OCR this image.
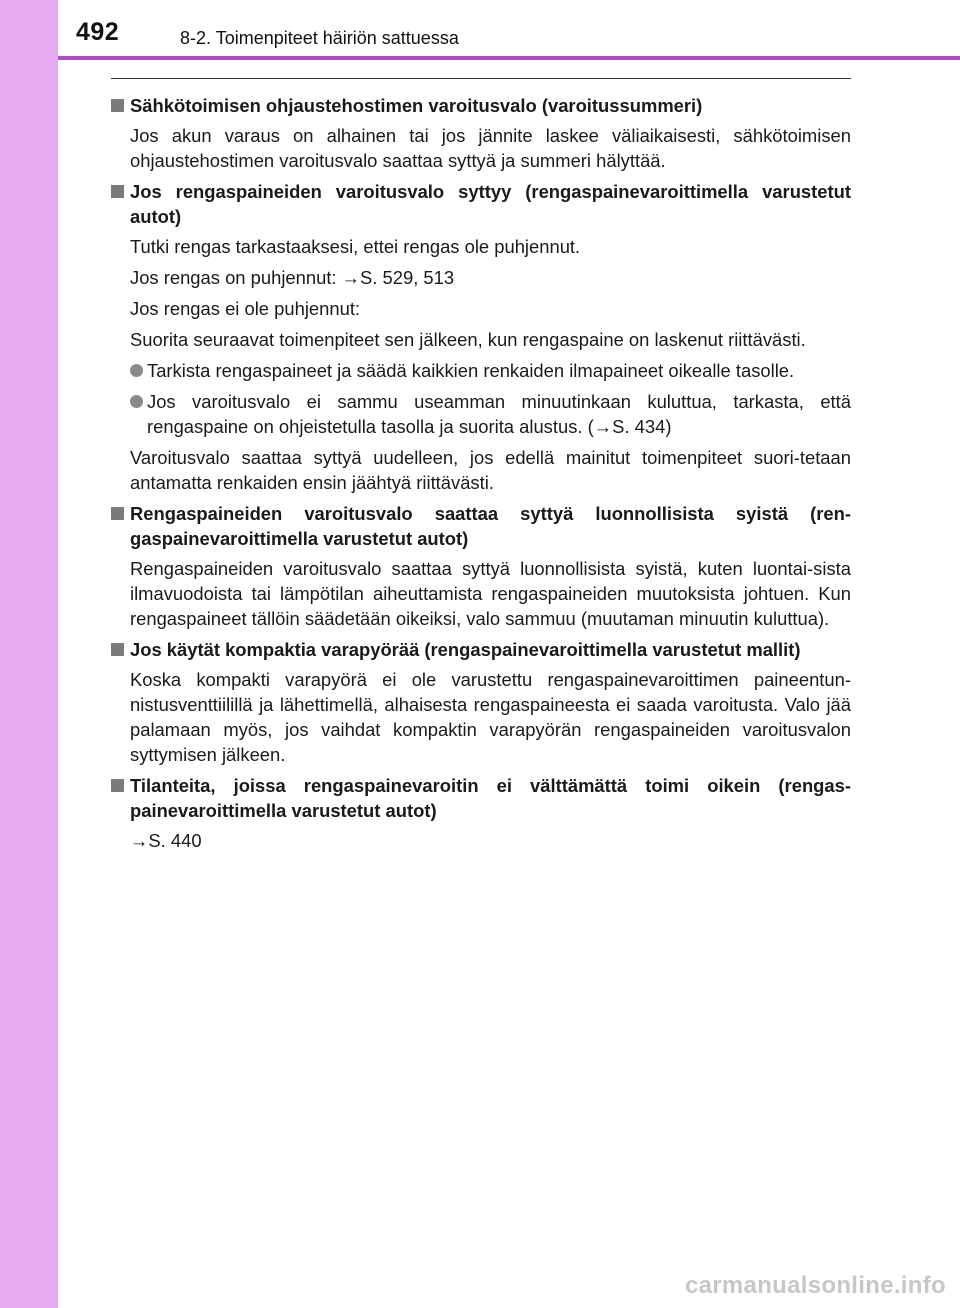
492	8-2. Toimenpiteet häiriön sattuessa
Sähkötoimisen ohjaustehostimen varoitusvalo (varoitussummeri)
Jos akun varaus on alhainen tai jos jännite laskee väliaikaisesti, sähkötoimisen ohjaustehostimen varoitusvalo saattaa syttyä ja summeri hälyttää.
Jos rengaspaineiden varoitusvalo syttyy (rengaspainevaroittimella varustetut autot)
Tutki rengas tarkastaaksesi, ettei rengas ole puhjennut.
Jos rengas on puhjennut: →S. 529, 513
Jos rengas ei ole puhjennut:
Suorita seuraavat toimenpiteet sen jälkeen, kun rengaspaine on laskenut riittävästi.
Tarkista rengaspaineet ja säädä kaikkien renkaiden ilmapaineet oikealle tasolle.
Jos varoitusvalo ei sammu useamman minuutinkaan kuluttua, tarkasta, että rengaspaine on ohjeistetulla tasolla ja suorita alustus. (→S. 434)
Varoitusvalo saattaa syttyä uudelleen, jos edellä mainitut toimenpiteet suori-tetaan antamatta renkaiden ensin jäähtyä riittävästi.
Rengaspaineiden varoitusvalo saattaa syttyä luonnollisista syistä (ren-gaspainevaroittimella varustetut autot)
Rengaspaineiden varoitusvalo saattaa syttyä luonnollisista syistä, kuten luontai-sista ilmavuodoista tai lämpötilan aiheuttamista rengaspaineiden muutoksista johtuen. Kun rengaspaineet tällöin säädetään oikeiksi, valo sammuu (muutaman minuutin kuluttua).
Jos käytät kompaktia varapyörää (rengaspainevaroittimella varustetut mallit)
Koska kompakti varapyörä ei ole varustettu rengaspainevaroittimen paineentun-nistusventtiilillä ja lähettimellä, alhaisesta rengaspaineesta ei saada varoitusta. Valo jää palamaan myös, jos vaihdat kompaktin varapyörän rengaspaineiden varoitusvalon syttymisen jälkeen.
Tilanteita, joissa rengaspainevaroitin ei välttämättä toimi oikein (rengas-painevaroittimella varustetut autot)
→S. 440
carmanualsonline.info
